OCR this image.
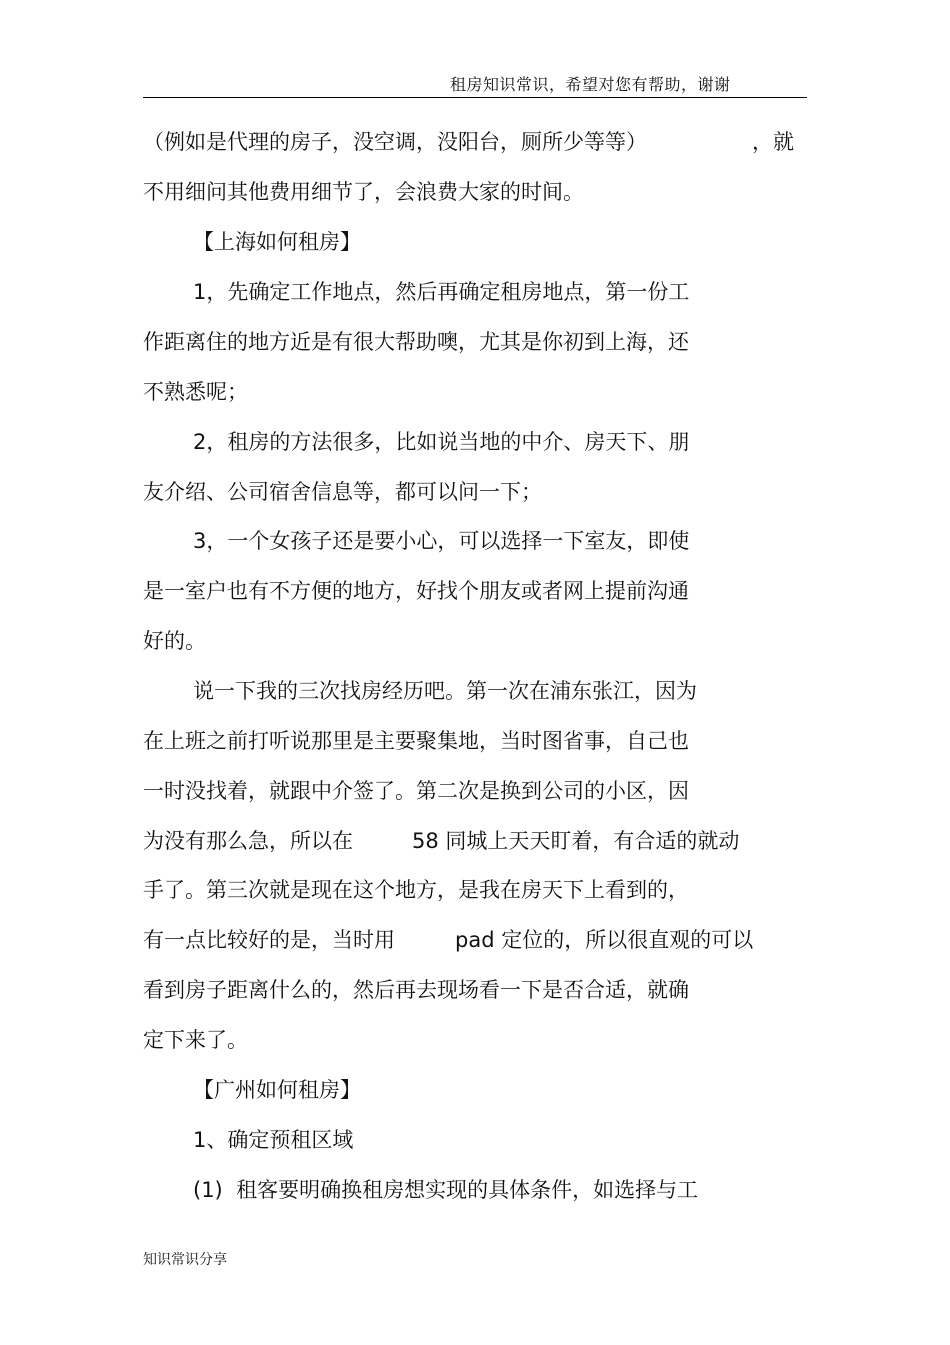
租房知识常识，希望对您有帮助，谢谢
（例如是代理的房子，没空调，没阳台，厕所少等等）	，就
不用细问其他费用细节了，会浪费大家的时间。
【上海如何租房】
1，先确定工作地点，然后再确定租房地点，第一份工
作距离住的地方近是有很大帮助噢，尤其是你初到上海，还
不熟悉呢；
2，租房的方法很多，比如说当地的中介、房天下、朋
友介绍、公司宿舍信息等，都可以问一下；
3，一个女孩子还是要小心，可以选择一下室友，即使
是一室户也有不方便的地方，好找个朋友或者网上提前沟通
好的。
说一下我的三次找房经历吧。第一次在浦东张江，因为
在上班之前打听说那里是主要聚集地，当时图省事，自己也
一时没找着，就跟中介签了。第二次是换到公司的小区，因
为没有那么急，所以在	58 同城上天天盯着，有合适的就动
手了。第三次就是现在这个地方，是我在房天下上看到的，
有一点比较好的是，当时用	pad 定位的，所以很直观的可以
看到房子距离什么的，然后再去现场看一下是否合适，就确
定下来了。
【广州如何租房】
1、确定预租区域
(1)  租客要明确换租房想实现的具体条件，如选择与工
知识常识分享
